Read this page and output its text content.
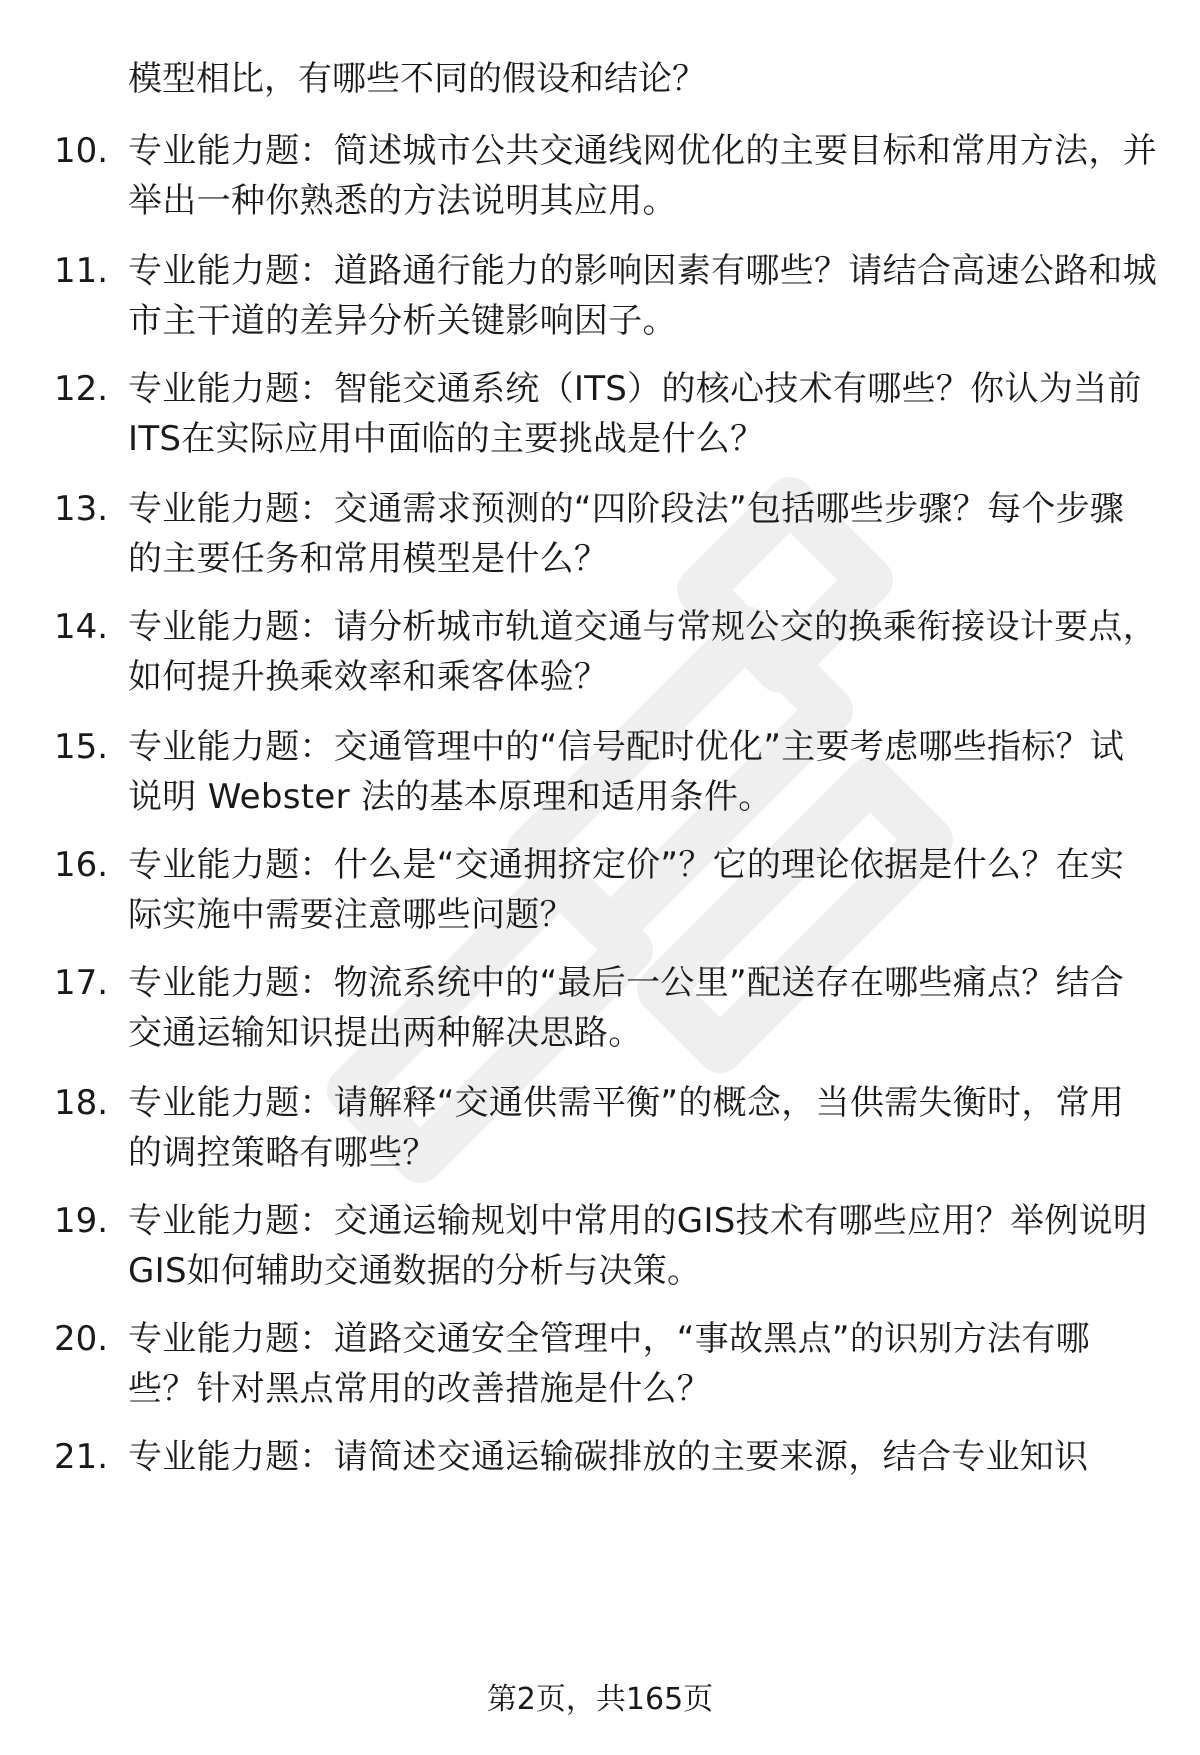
模型相比，有哪些不同的假设和结论？
10. 专业能力题：简述城市公共交通线网优化的主要目标和常用方法，并举出一种你熟悉的方法说明其应用。
11. 专业能力题：道路通行能力的影响因素有哪些？请结合高速公路和城市主干道的差异分析关键影响因子。
12. 专业能力题：智能交通系统（ITS）的核心技术有哪些？你认为当前ITS在实际应用中面临的主要挑战是什么？
13. 专业能力题：交通需求预测的“四阶段法”包括哪些步骤？每个步骤的主要任务和常用模型是什么？
14. 专业能力题：请分析城市轨道交通与常规公交的换乘衔接设计要点，如何提升换乘效率和乘客体验？
15. 专业能力题：交通管理中的“信号配时优化”主要考虑哪些指标？试说明 Webster 法的基本原理和适用条件。
16. 专业能力题：什么是“交通拥挤定价”？它的理论依据是什么？在实际实施中需要注意哪些问题？
17. 专业能力题：物流系统中的“最后一公里”配送存在哪些痛点？结合交通运输知识提出两种解决思路。
18. 专业能力题：请解释“交通供需平衡”的概念，当供需失衡时，常用的调控策略有哪些？
19. 专业能力题：交通运输规划中常用的GIS技术有哪些应用？举例说明GIS如何辅助交通数据的分析与决策。
20. 专业能力题：道路交通安全管理中，“事故黑点”的识别方法有哪些？针对黑点常用的改善措施是什么？
21. 专业能力题：请简述交通运输碳排放的主要来源，结合专业知识
第2页，共165页
